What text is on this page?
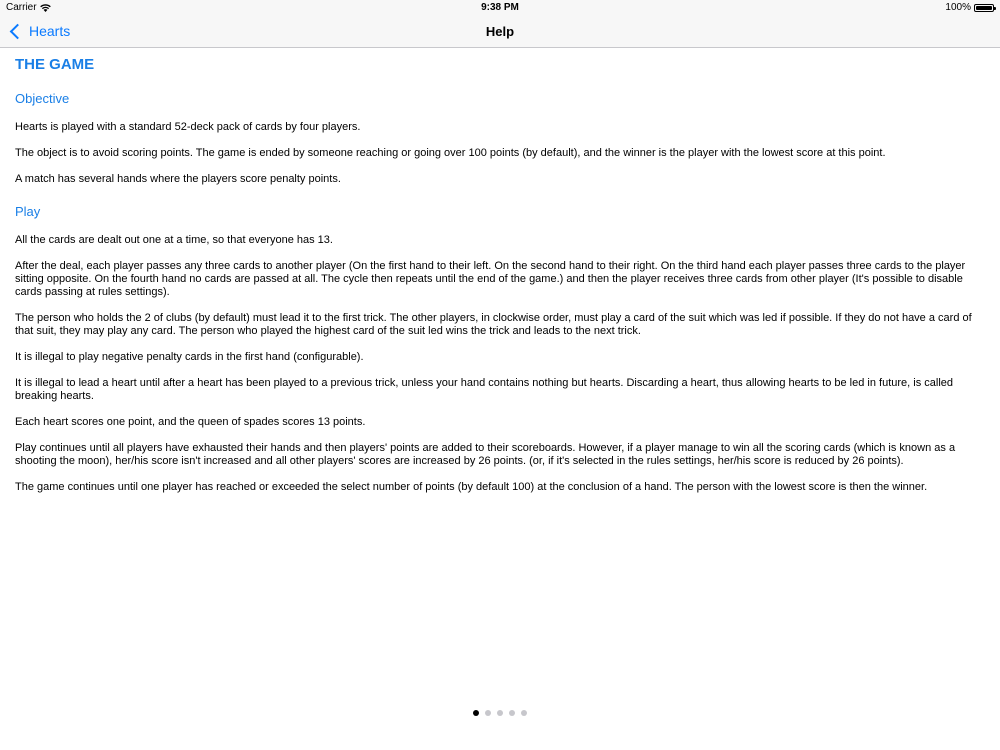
Carrier	9:38 PM	100%
Help
Hearts
THE GAME
Objective
Hearts is played with a standard 52-deck pack of cards by four players.
The object is to avoid scoring points. The game is ended by someone reaching or going over 100 points (by default), and the winner is the player with the lowest score at this point.
A match has several hands where the players score penalty points.
Play
All the cards are dealt out one at a time, so that everyone has 13.
After the deal, each player passes any three cards to another player (On the first hand to their left. On the second hand to their right. On the third hand each player passes three cards to the player sitting opposite. On the fourth hand no cards are passed at all. The cycle then repeats until the end of the game.) and then the player receives three cards from other player (It's possible to disable cards passing at rules settings).
The person who holds the 2 of clubs (by default) must lead it to the first trick. The other players, in clockwise order, must play a card of the suit which was led if possible. If they do not have a card of that suit, they may play any card. The person who played the highest card of the suit led wins the trick and leads to the next trick.
It is illegal to play negative penalty cards in the first hand (configurable).
It is illegal to lead a heart until after a heart has been played to a previous trick, unless your hand contains nothing but hearts. Discarding a heart, thus allowing hearts to be led in future, is called breaking hearts.
Each heart scores one point, and the queen of spades scores 13 points.
Play continues until all players have exhausted their hands and then players' points are added to their scoreboards. However, if a player manage to win all the scoring cards (which is known as a shooting the moon), her/his score isn't increased and all other players' scores are increased by 26 points. (or, if it's selected in the rules settings, her/his score is reduced by 26 points).
The game continues until one player has reached or exceeded the select number of points (by default 100) at the conclusion of a hand. The person with the lowest score is then the winner.
